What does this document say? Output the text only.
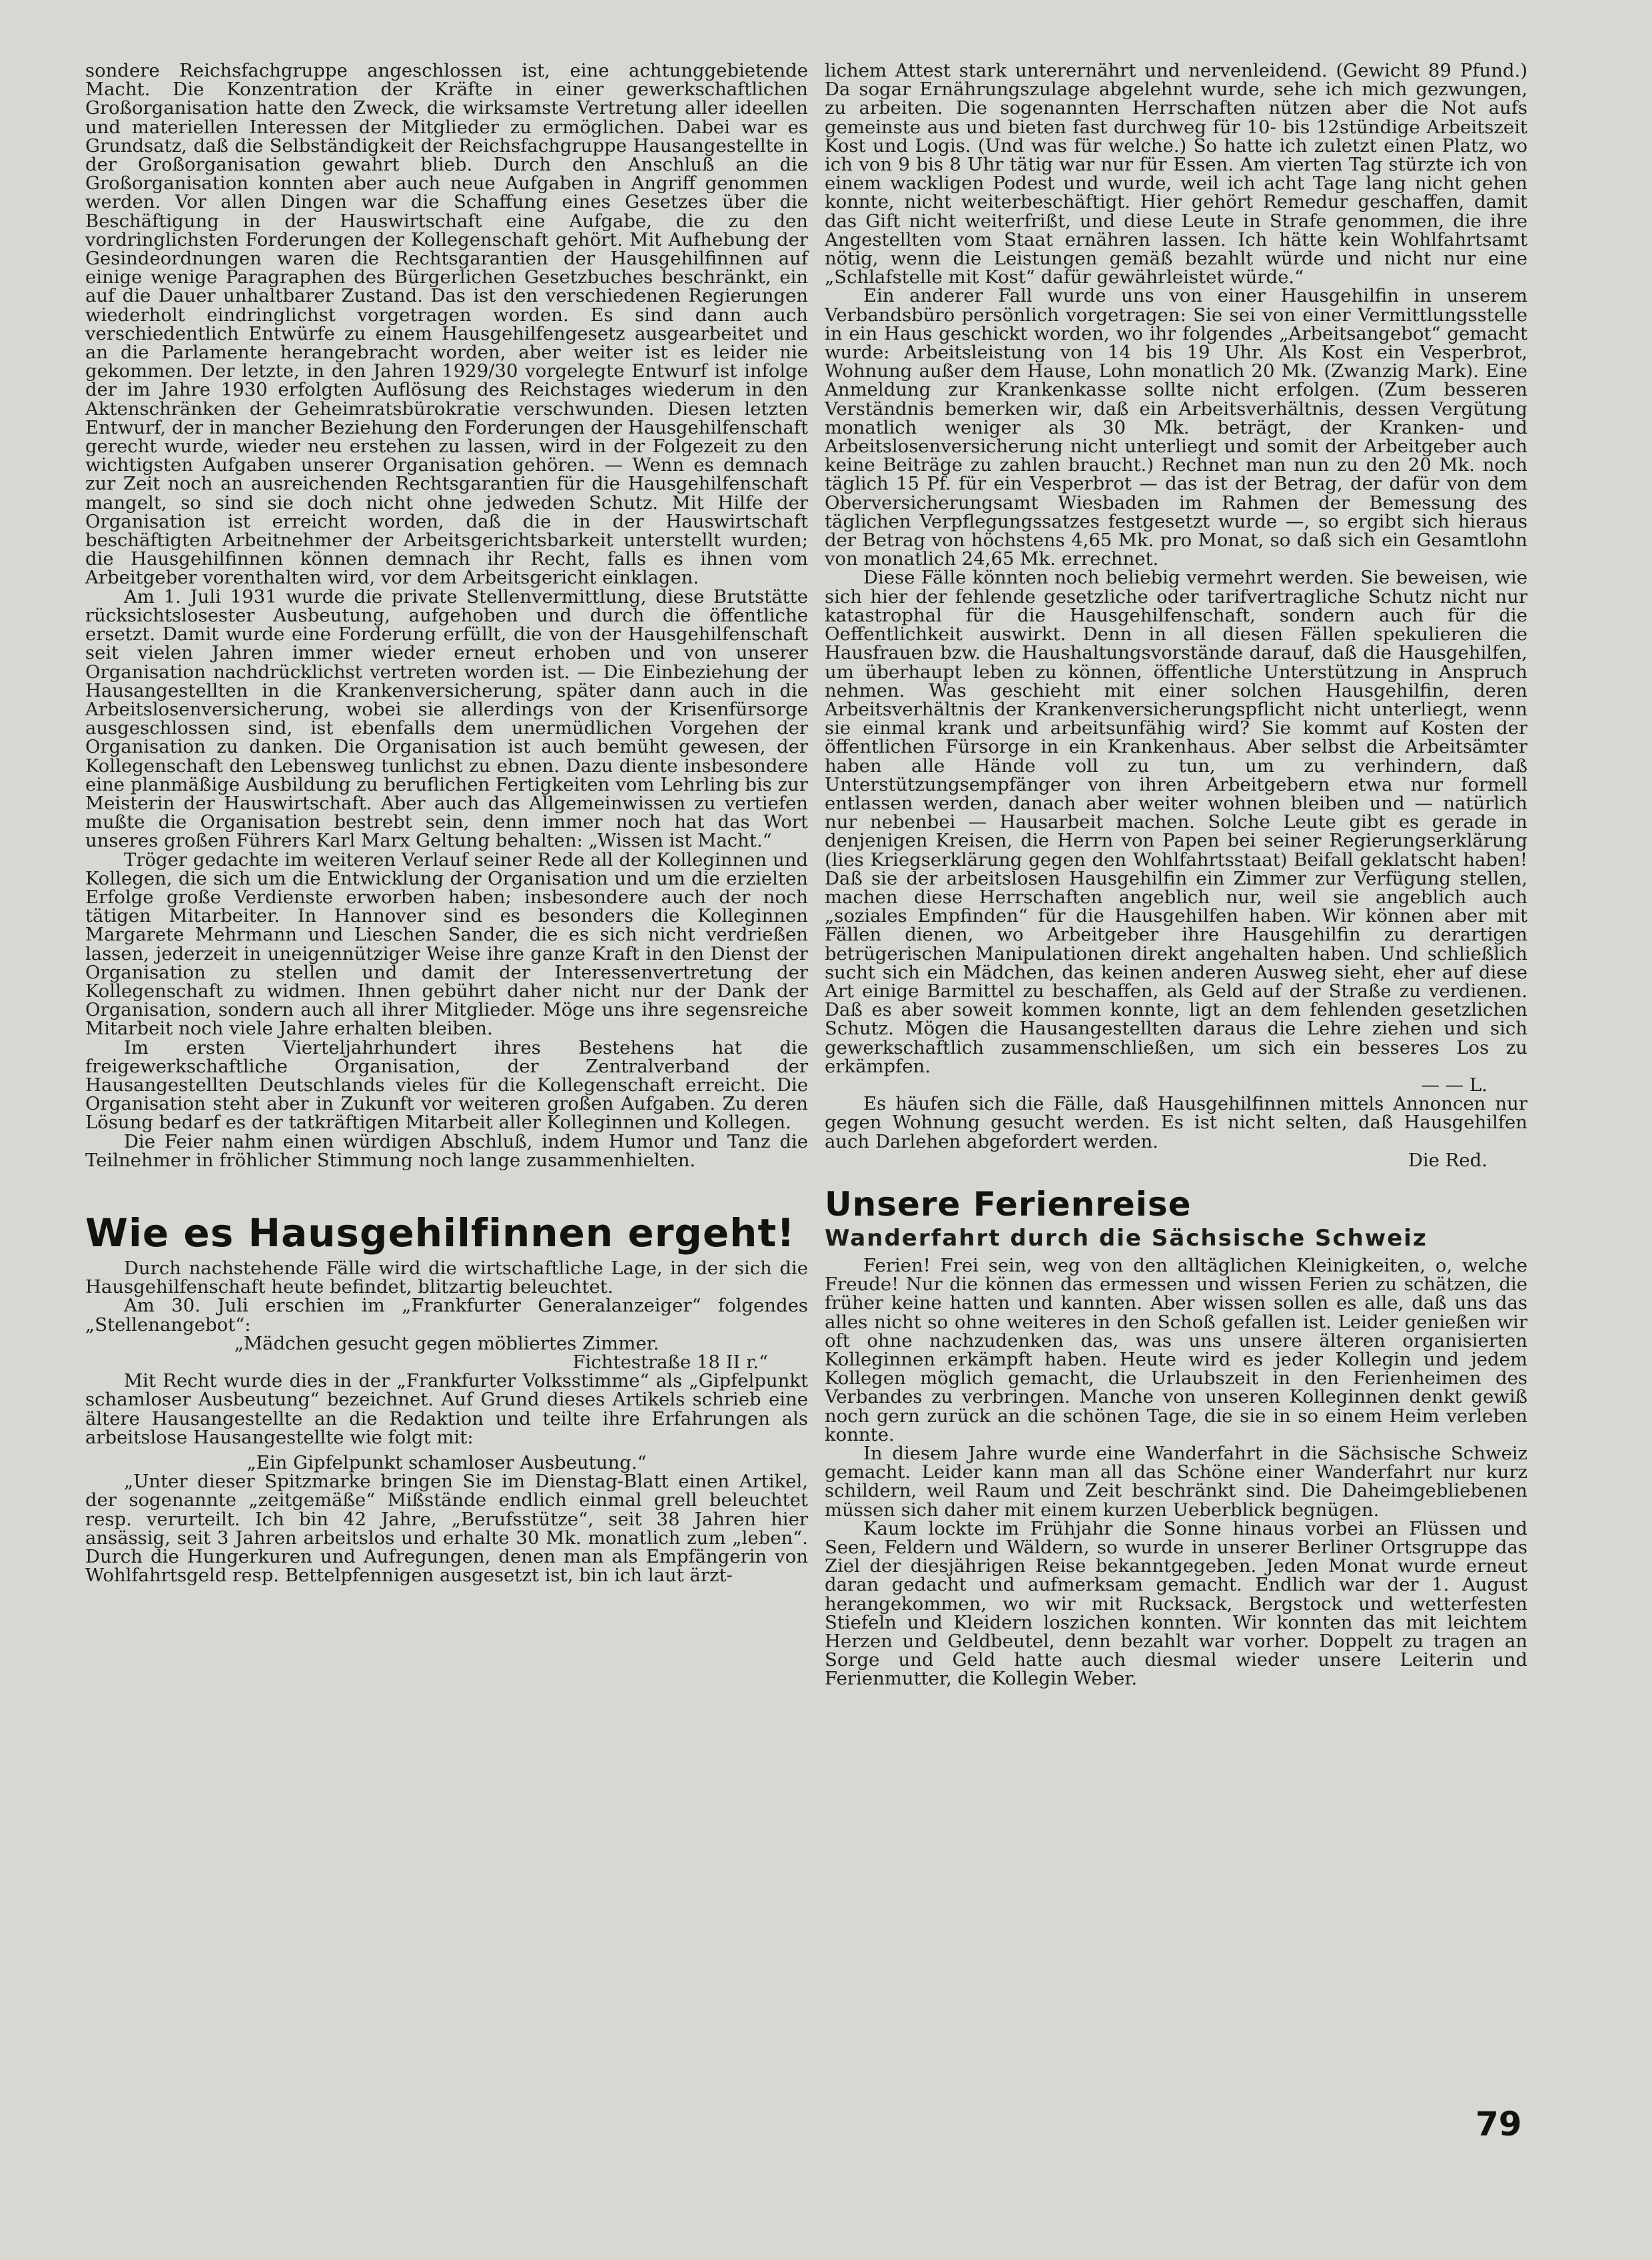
sondere Reichsfachgruppe angeschlossen ist, eine achtunggebietende Macht. Die Konzentration der Kräfte in einer gewerkschaftlichen Großorganisation hatte den Zweck, die wirksamste Vertretung aller ideellen und materiellen Interessen der Mitglieder zu ermöglichen. Dabei war es Grundsatz, daß die Selbständigkeit der Reichsfachgruppe Hausangestellte in der Großorganisation gewahrt blieb. Durch den Anschluß an die Großorganisation konnten aber auch neue Aufgaben in Angriff genommen werden. Vor allen Dingen war die Schaffung eines Gesetzes über die Beschäftigung in der Hauswirtschaft eine Aufgabe, die zu den vordringlichsten Forderungen der Kollegenschaft gehört. Mit Aufhebung der Gesindeordnungen waren die Rechtsgarantien der Hausgehilfinnen auf einige wenige Paragraphen des Bürgerlichen Gesetzbuches beschränkt, ein auf die Dauer unhaltbarer Zustand. Das ist den verschiedenen Regierungen wiederholt eindringlichst vorgetragen worden. Es sind dann auch verschiedentlich Entwürfe zu einem Hausgehilfengesetz ausgearbeitet und an die Parlamente herangebracht worden, aber weiter ist es leider nie gekommen. Der letzte, in den Jahren 1929/30 vorgelegte Entwurf ist infolge der im Jahre 1930 erfolgten Auflösung des Reichstages wiederum in den Aktenschränken der Geheimratsbürokratie verschwunden. Diesen letzten Entwurf, der in mancher Beziehung den Forderungen der Hausgehilfenschaft gerecht wurde, wieder neu erstehen zu lassen, wird in der Folgezeit zu den wichtigsten Aufgaben unserer Organisation gehören. — Wenn es demnach zur Zeit noch an ausreichenden Rechtsgarantien für die Hausgehilfenschaft mangelt, so sind sie doch nicht ohne jedweden Schutz. Mit Hilfe der Organisation ist erreicht worden, daß die in der Hauswirtschaft beschäftigten Arbeitnehmer der Arbeitsgerichtsbarkeit unterstellt wurden; die Hausgehilfinnen können demnach ihr Recht, falls es ihnen vom Arbeitgeber vorenthalten wird, vor dem Arbeitsgericht einklagen.

Am 1. Juli 1931 wurde die private Stellenvermittlung, diese Brutstätte rücksichtslosester Ausbeutung, aufgehoben und durch die öffentliche ersetzt. Damit wurde eine Forderung erfüllt, die von der Hausgehilfenschaft seit vielen Jahren immer wieder erneut erhoben und von unserer Organisation nachdrücklichst vertreten worden ist. — Die Einbeziehung der Hausangestellten in die Krankenversicherung, später dann auch in die Arbeitslosenversicherung, wobei sie allerdings von der Krisenfürsorge ausgeschlossen sind, ist ebenfalls dem unermüdlichen Vorgehen der Organisation zu danken. Die Organisation ist auch bemüht gewesen, der Kollegenschaft den Lebensweg tunlichst zu ebnen. Dazu diente insbesondere eine planmäßige Ausbildung zu beruflichen Fertigkeiten vom Lehrling bis zur Meisterin der Hauswirtschaft. Aber auch das Allgemeinwissen zu vertiefen mußte die Organisation bestrebt sein, denn immer noch hat das Wort unseres großen Führers Karl Marx Geltung behalten: „Wissen ist Macht.“

Tröger gedachte im weiteren Verlauf seiner Rede all der Kolleginnen und Kollegen, die sich um die Entwicklung der Organisation und um die erzielten Erfolge große Verdienste erworben haben; insbesondere auch der noch tätigen Mitarbeiter. In Hannover sind es besonders die Kolleginnen Margarete Mehrmann und Lieschen Sander, die es sich nicht verdrießen lassen, jederzeit in uneigennütziger Weise ihre ganze Kraft in den Dienst der Organisation zu stellen und damit der Interessenvertretung der Kollegenschaft zu widmen. Ihnen gebührt daher nicht nur der Dank der Organisation, sondern auch all ihrer Mitglieder. Möge uns ihre segensreiche Mitarbeit noch viele Jahre erhalten bleiben.

Im ersten Vierteljahrhundert ihres Bestehens hat die freigewerkschaftliche Organisation, der Zentralverband der Hausangestellten Deutschlands vieles für die Kollegenschaft erreicht. Die Organisation steht aber in Zukunft vor weiteren großen Aufgaben. Zu deren Lösung bedarf es der tatkräftigen Mitarbeit aller Kolleginnen und Kollegen.

Die Feier nahm einen würdigen Abschluß, indem Humor und Tanz die Teilnehmer in fröhlicher Stimmung noch lange zusammenhielten.

Wie es Hausgehilfinnen ergeht!

Durch nachstehende Fälle wird die wirtschaftliche Lage, in der sich die Hausgehilfenschaft heute befindet, blitzartig beleuchtet.

Am 30. Juli erschien im „Frankfurter Generalanzeiger“ folgendes „Stellenangebot“:

„Mädchen gesucht gegen möbliertes Zimmer.

Fichtestraße 18 II r.“

Mit Recht wurde dies in der „Frankfurter Volksstimme“ als „Gipfelpunkt schamloser Ausbeutung“ bezeichnet. Auf Grund dieses Artikels schrieb eine ältere Hausangestellte an die Redaktion und teilte ihre Erfahrungen als arbeitslose Hausangestellte wie folgt mit:

„Ein Gipfelpunkt schamloser Ausbeutung.“

„Unter dieser Spitzmarke bringen Sie im Dienstag-Blatt einen Artikel, der sogenannte „zeitgemäße“ Mißstände endlich einmal grell beleuchtet resp. verurteilt. Ich bin 42 Jahre, „Berufsstütze“, seit 38 Jahren hier ansässig, seit 3 Jahren arbeitslos und erhalte 30 Mk. monatlich zum „leben“. Durch die Hungerkuren und Aufregungen, denen man als Empfängerin von Wohlfahrtsgeld resp. Bettelpfennigen ausgesetzt ist, bin ich laut ärzt-

lichem Attest stark unterernährt und nervenleidend. (Gewicht 89 Pfund.) Da sogar Ernährungszulage abgelehnt wurde, sehe ich mich gezwungen, zu arbeiten. Die sogenannten Herrschaften nützen aber die Not aufs gemeinste aus und bieten fast durchweg für 10- bis 12stündige Arbeitszeit Kost und Logis. (Und was für welche.) So hatte ich zuletzt einen Platz, wo ich von 9 bis 8 Uhr tätig war nur für Essen. Am vierten Tag stürzte ich von einem wackligen Podest und wurde, weil ich acht Tage lang nicht gehen konnte, nicht weiterbeschäftigt. Hier gehört Remedur geschaffen, damit das Gift nicht weiterfrißt, und diese Leute in Strafe genommen, die ihre Angestellten vom Staat ernähren lassen. Ich hätte kein Wohlfahrtsamt nötig, wenn die Leistungen gemäß bezahlt würde und nicht nur eine „Schlafstelle mit Kost“ dafür gewährleistet würde.“

Ein anderer Fall wurde uns von einer Hausgehilfin in unserem Verbandsbüro persönlich vorgetragen: Sie sei von einer Vermittlungsstelle in ein Haus geschickt worden, wo ihr folgendes „Arbeitsangebot“ gemacht wurde: Arbeitsleistung von 14 bis 19 Uhr. Als Kost ein Vesperbrot, Wohnung außer dem Hause, Lohn monatlich 20 Mk. (Zwanzig Mark). Eine Anmeldung zur Krankenkasse sollte nicht erfolgen. (Zum besseren Verständnis bemerken wir, daß ein Arbeitsverhältnis, dessen Vergütung monatlich weniger als 30 Mk. beträgt, der Kranken- und Arbeitslosenversicherung nicht unterliegt und somit der Arbeitgeber auch keine Beiträge zu zahlen braucht.) Rechnet man nun zu den 20 Mk. noch täglich 15 Pf. für ein Vesperbrot — das ist der Betrag, der dafür von dem Oberversicherungsamt Wiesbaden im Rahmen der Bemessung des täglichen Verpflegungssatzes festgesetzt wurde —, so ergibt sich hieraus der Betrag von höchstens 4,65 Mk. pro Monat, so daß sich ein Gesamtlohn von monatlich 24,65 Mk. errechnet.

Diese Fälle könnten noch beliebig vermehrt werden. Sie beweisen, wie sich hier der fehlende gesetzliche oder tarifvertragliche Schutz nicht nur katastrophal für die Hausgehilfenschaft, sondern auch für die Oeffentlichkeit auswirkt. Denn in all diesen Fällen spekulieren die Hausfrauen bzw. die Haushaltungsvorstände darauf, daß die Hausgehilfen, um überhaupt leben zu können, öffentliche Unterstützung in Anspruch nehmen. Was geschieht mit einer solchen Hausgehilfin, deren Arbeitsverhältnis der Krankenversicherungspflicht nicht unterliegt, wenn sie einmal krank und arbeitsunfähig wird? Sie kommt auf Kosten der öffentlichen Fürsorge in ein Krankenhaus. Aber selbst die Arbeitsämter haben alle Hände voll zu tun, um zu verhindern, daß Unterstützungsempfänger von ihren Arbeitgebern etwa nur formell entlassen werden, danach aber weiter wohnen bleiben und — natürlich nur nebenbei — Hausarbeit machen. Solche Leute gibt es gerade in denjenigen Kreisen, die Herrn von Papen bei seiner Regierungserklärung (lies Kriegserklärung gegen den Wohlfahrtsstaat) Beifall geklatscht haben! Daß sie der arbeitslosen Hausgehilfin ein Zimmer zur Verfügung stellen, machen diese Herrschaften angeblich nur, weil sie angeblich auch „soziales Empfinden“ für die Hausgehilfen haben. Wir können aber mit Fällen dienen, wo Arbeitgeber ihre Hausgehilfin zu derartigen betrügerischen Manipulationen direkt angehalten haben. Und schließlich sucht sich ein Mädchen, das keinen anderen Ausweg sieht, eher auf diese Art einige Barmittel zu beschaffen, als Geld auf der Straße zu verdienen. Daß es aber soweit kommen konnte, ligt an dem fehlenden gesetzlichen Schutz. Mögen die Hausangestellten daraus die Lehre ziehen und sich gewerkschaftlich zusammenschließen, um sich ein besseres Los zu erkämpfen.

— — L.

Es häufen sich die Fälle, daß Hausgehilfinnen mittels Annoncen nur gegen Wohnung gesucht werden. Es ist nicht selten, daß Hausgehilfen auch Darlehen abgefordert werden.

Die Red.

Unsere Ferienreise
Wanderfahrt durch die Sächsische Schweiz

Ferien! Frei sein, weg von den alltäglichen Kleinigkeiten, o, welche Freude! Nur die können das ermessen und wissen Ferien zu schätzen, die früher keine hatten und kannten. Aber wissen sollen es alle, daß uns das alles nicht so ohne weiteres in den Schoß gefallen ist. Leider genießen wir oft ohne nachzudenken das, was uns unsere älteren organisierten Kolleginnen erkämpft haben. Heute wird es jeder Kollegin und jedem Kollegen möglich gemacht, die Urlaubszeit in den Ferienheimen des Verbandes zu verbringen. Manche von unseren Kolleginnen denkt gewiß noch gern zurück an die schönen Tage, die sie in so einem Heim verleben konnte.

In diesem Jahre wurde eine Wanderfahrt in die Sächsische Schweiz gemacht. Leider kann man all das Schöne einer Wanderfahrt nur kurz schildern, weil Raum und Zeit beschränkt sind. Die Daheimgebliebenen müssen sich daher mit einem kurzen Ueberblick begnügen.

Kaum lockte im Frühjahr die Sonne hinaus vorbei an Flüssen und Seen, Feldern und Wäldern, so wurde in unserer Berliner Ortsgruppe das Ziel der diesjährigen Reise bekanntgegeben. Jeden Monat wurde erneut daran gedacht und aufmerksam gemacht. Endlich war der 1. August herangekommen, wo wir mit Rucksack, Bergstock und wetterfesten Stiefeln und Kleidern loszichen konnten. Wir konnten das mit leichtem Herzen und Geldbeutel, denn bezahlt war vorher. Doppelt zu tragen an Sorge und Geld hatte auch diesmal wieder unsere Leiterin und Ferienmutter, die Kollegin Weber.

79
